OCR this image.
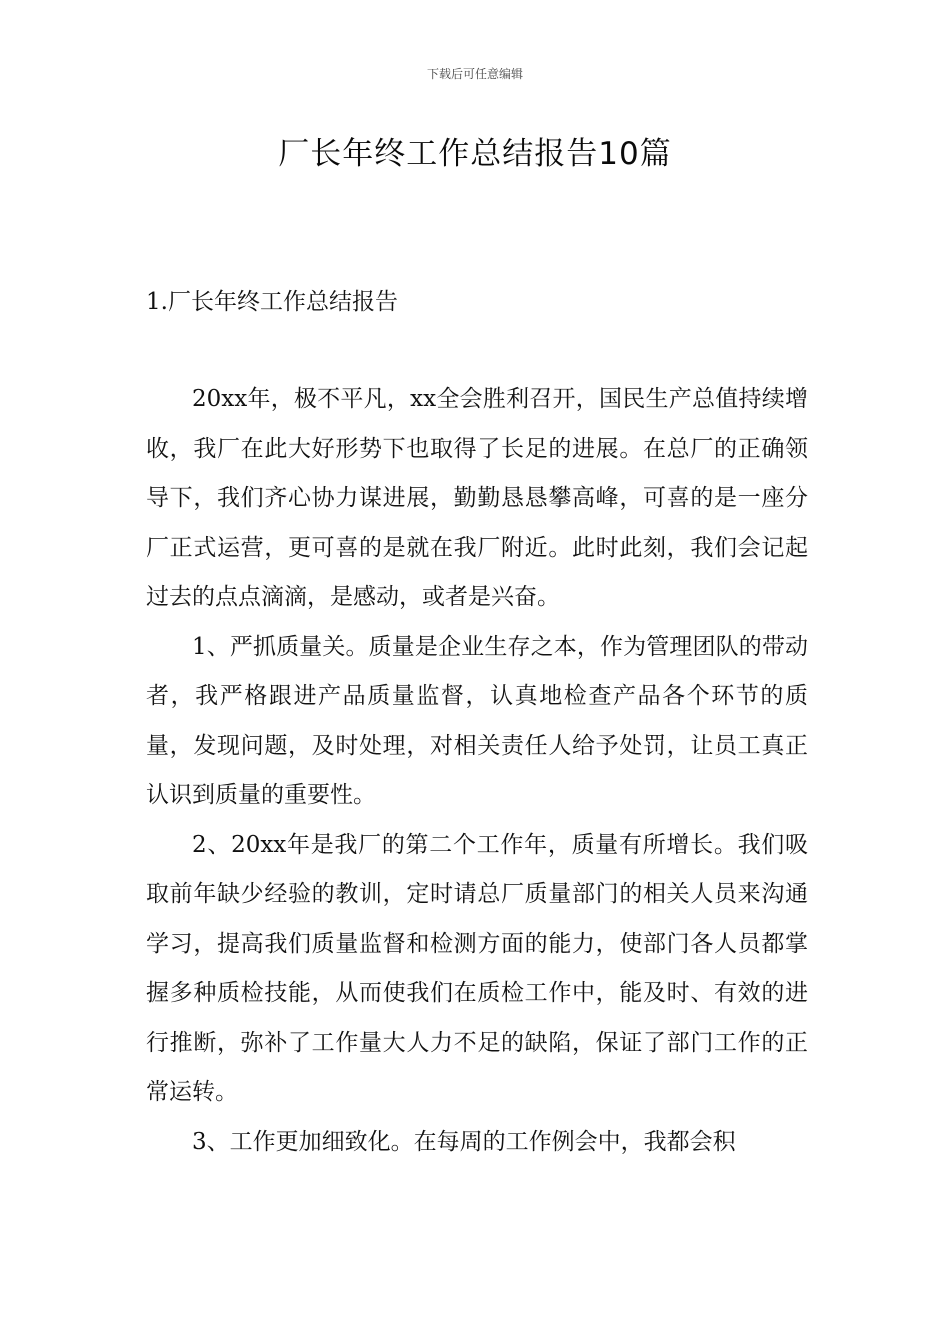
下载后可任意编辑
厂长年终工作总结报告10篇
1.厂长年终工作总结报告

20xx年，极不平凡，xx全会胜利召开，国民生产总值持续增收，我厂在此大好形势下也取得了长足的进展。在总厂的正确领导下，我们齐心协力谋进展，勤勤恳恳攀高峰，可喜的是一座分厂正式运营，更可喜的是就在我厂附近。此时此刻，我们会记起过去的点点滴滴，是感动，或者是兴奋。

1、严抓质量关。质量是企业生存之本，作为管理团队的带动者，我严格跟进产品质量监督，认真地检查产品各个环节的质量，发现问题，及时处理，对相关责任人给予处罚，让员工真正认识到质量的重要性。

2、20xx年是我厂的第二个工作年，质量有所增长。我们吸取前年缺少经验的教训，定时请总厂质量部门的相关人员来沟通学习，提高我们质量监督和检测方面的能力，使部门各人员都掌握多种质检技能，从而使我们在质检工作中，能及时、有效的进行推断，弥补了工作量大人力不足的缺陷，保证了部门工作的正常运转。

3、工作更加细致化。在每周的工作例会中，我都会积
